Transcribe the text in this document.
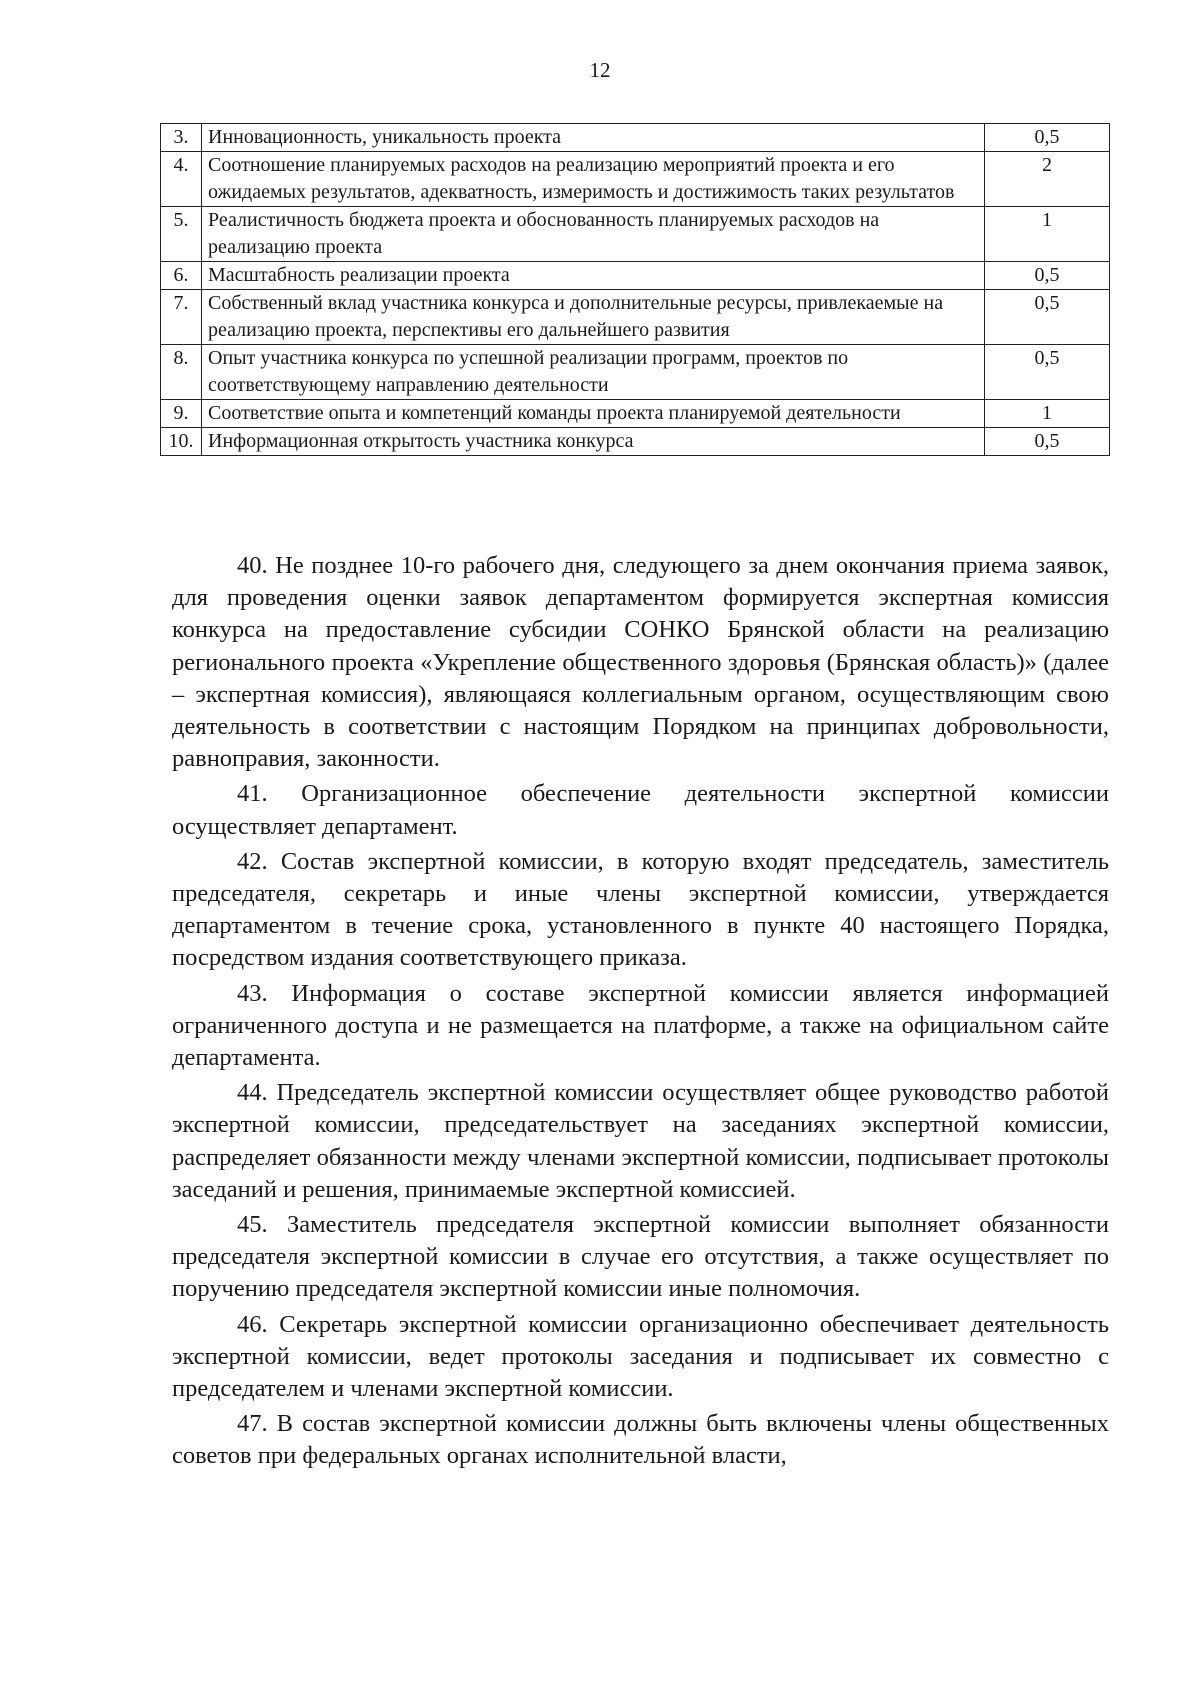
12
3.	Инновационность, уникальность проекта	0,5
4.	Соотношение планируемых расходов на реализацию мероприятий проекта и его ожидаемых результатов, адекватность, измеримость и достижимость таких результатов	2
5.	Реалистичность бюджета проекта и обоснованность планируемых расходов на реализацию проекта	1
6.	Масштабность реализации проекта	0,5
7.	Собственный вклад участника конкурса и дополнительные ресурсы, привлекаемые на реализацию проекта, перспективы его дальнейшего развития	0,5
8.	Опыт участника конкурса по успешной реализации программ, проектов по соответствующему направлению деятельности	0,5
9.	Соответствие опыта и компетенций команды проекта планируемой деятельности	1
10.	Информационная открытость участника конкурса	0,5

40. Не позднее 10-го рабочего дня, следующего за днем окончания приема заявок, для проведения оценки заявок департаментом формируется экспертная комиссия конкурса на предоставление субсидии СОНКО Брянской области на реализацию регионального проекта «Укрепление общественного здоровья (Брянская область)» (далее – экспертная комиссия), являющаяся коллегиальным органом, осуществляющим свою деятельность в соответствии с настоящим Порядком на принципах добровольности, равноправия, законности.

41. Организационное обеспечение деятельности экспертной комиссии осуществляет департамент.

42. Состав экспертной комиссии, в которую входят председатель, заместитель председателя, секретарь и иные члены экспертной комиссии, утверждается департаментом в течение срока, установленного в пункте 40 настоящего Порядка, посредством издания соответствующего приказа.

43. Информация о составе экспертной комиссии является информацией ограниченного доступа и не размещается на платформе, а также на официальном сайте департамента.

44. Председатель экспертной комиссии осуществляет общее руководство работой экспертной комиссии, председательствует на заседаниях экспертной комиссии, распределяет обязанности между членами экспертной комиссии, подписывает протоколы заседаний и решения, принимаемые экспертной комиссией.

45. Заместитель председателя экспертной комиссии выполняет обязанности председателя экспертной комиссии в случае его отсутствия, а также осуществляет по поручению председателя экспертной комиссии иные полномочия.

46. Секретарь экспертной комиссии организационно обеспечивает деятельность экспертной комиссии, ведет протоколы заседания и подписывает их совместно с председателем и членами экспертной комиссии.

47. В состав экспертной комиссии должны быть включены члены общественных советов при федеральных органах исполнительной власти,
